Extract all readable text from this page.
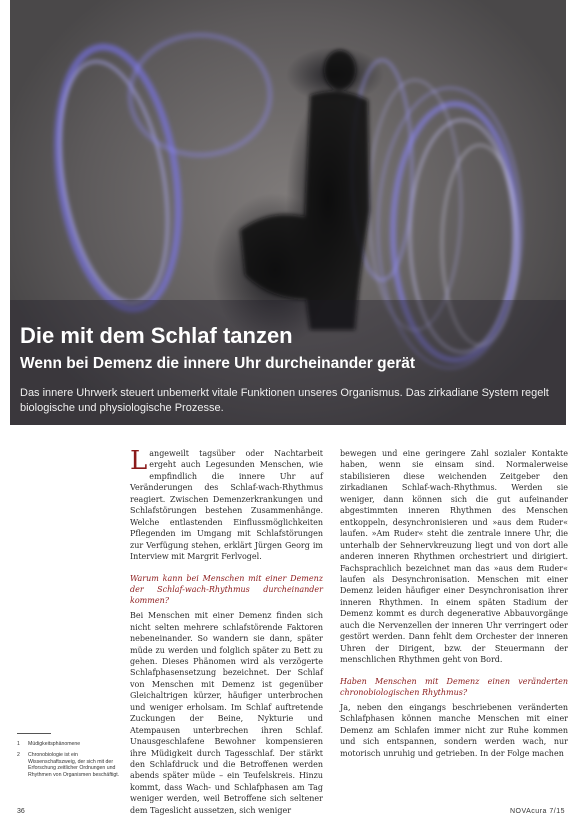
Die mit dem Schlaf tanzen
Wenn bei Demenz die innere Uhr durcheinander gerät

Das innere Uhrwerk steuert unbemerkt vitale Funktionen unseres Organismus. Das zirkadiane System regelt biologische und physiologische Prozesse.

Langeweilt tagsüber oder Nachtarbeit ergeht auch Legesunden Menschen, wie empfindlich die innere Uhr auf Veränderungen des Schlaf-wach-Rhythmus reagiert. Zwischen Demenzerkrankungen und Schlafstörungen bestehen Zusammenhänge. Welche entlastenden Einflussmöglichkeiten Pflegenden im Umgang mit Schlafstörungen zur Verfügung stehen, erklärt Jürgen Georg im Interview mit Margrit Ferlvogel.

Warum kann bei Menschen mit einer Demenz der Schlaf-wach-Rhythmus durcheinander kommen?

Bei Menschen mit einer Demenz finden sich nicht selten mehrere schlafstörende Faktoren nebeneinander. So wandern sie dann, später müde zu werden und folglich später zu Bett zu gehen. Dieses Phänomen wird als verzögerte Schlafphasensetzung bezeichnet. Der Schlaf von Menschen mit Demenz ist gegenüber Gleichaltrigen kürzer, häufiger unterbrochen und weniger erholsam. Im Schlaf auftretende Zuckungen der Beine, Nykturie und Atempausen unterbrechen ihren Schlaf. Unausgeschlafene Bewohner kompensieren ihre Müdigkeit durch Tagesschlaf. Der stärkt den Schlafdruck und die Betroffenen werden abends später müde – ein Teufelskreis. Hinzu kommt, dass Wach- und Schlafphasen am Tag weniger werden, weil Betroffene sich seltener dem Tageslicht aussetzen, sich weniger

bewegen und eine geringere Zahl sozialer Kontakte haben, wenn sie einsam sind. Normalerweise stabilisieren diese weichenden Zeitgeber den zirkadianen Schlaf-wach-Rhythmus. Werden sie weniger, dann können sich die gut aufeinander abgestimmten inneren Rhythmen des Menschen entkoppeln, desynchronisieren und »aus dem Ruder« laufen. »Am Ruder« steht die zentrale innere Uhr, die unterhalb der Sehnervkreuzung liegt und von dort alle anderen inneren Rhythmen orchestriert und dirigiert. Fachsprachlich bezeichnet man das »aus dem Ruder« laufen als Desynchronisation. Menschen mit einer Demenz leiden häufiger einer Desynchronisation ihrer inneren Rhythmen. In einem späten Stadium der Demenz kommt es durch degenerative Abbauvorgänge auch die Nervenzellen der inneren Uhr verringert oder gestört werden. Dann fehlt dem Orchester der inneren Uhren der Dirigent, bzw. der Steuermann der menschlichen Rhythmen geht von Bord.

Haben Menschen mit Demenz einen veränderten chronobiologischen Rhythmus?

Ja, neben den eingangs beschriebenen veränderten Schlafphasen können manche Menschen mit einer Demenz am Schlafen immer nicht zur Ruhe kommen und sich entspannen, sondern werden wach, nur motorisch unruhig und getrieben. In der Folge machen

1	Müdigkeitsphänomene
2	Chronobiologie ist ein Wissenschaftszweig, der sich mit der Erforschung zeitlicher Ordnungen und Rhythmen von Organismen beschäftigt.
36	NOVAcura 7/15
